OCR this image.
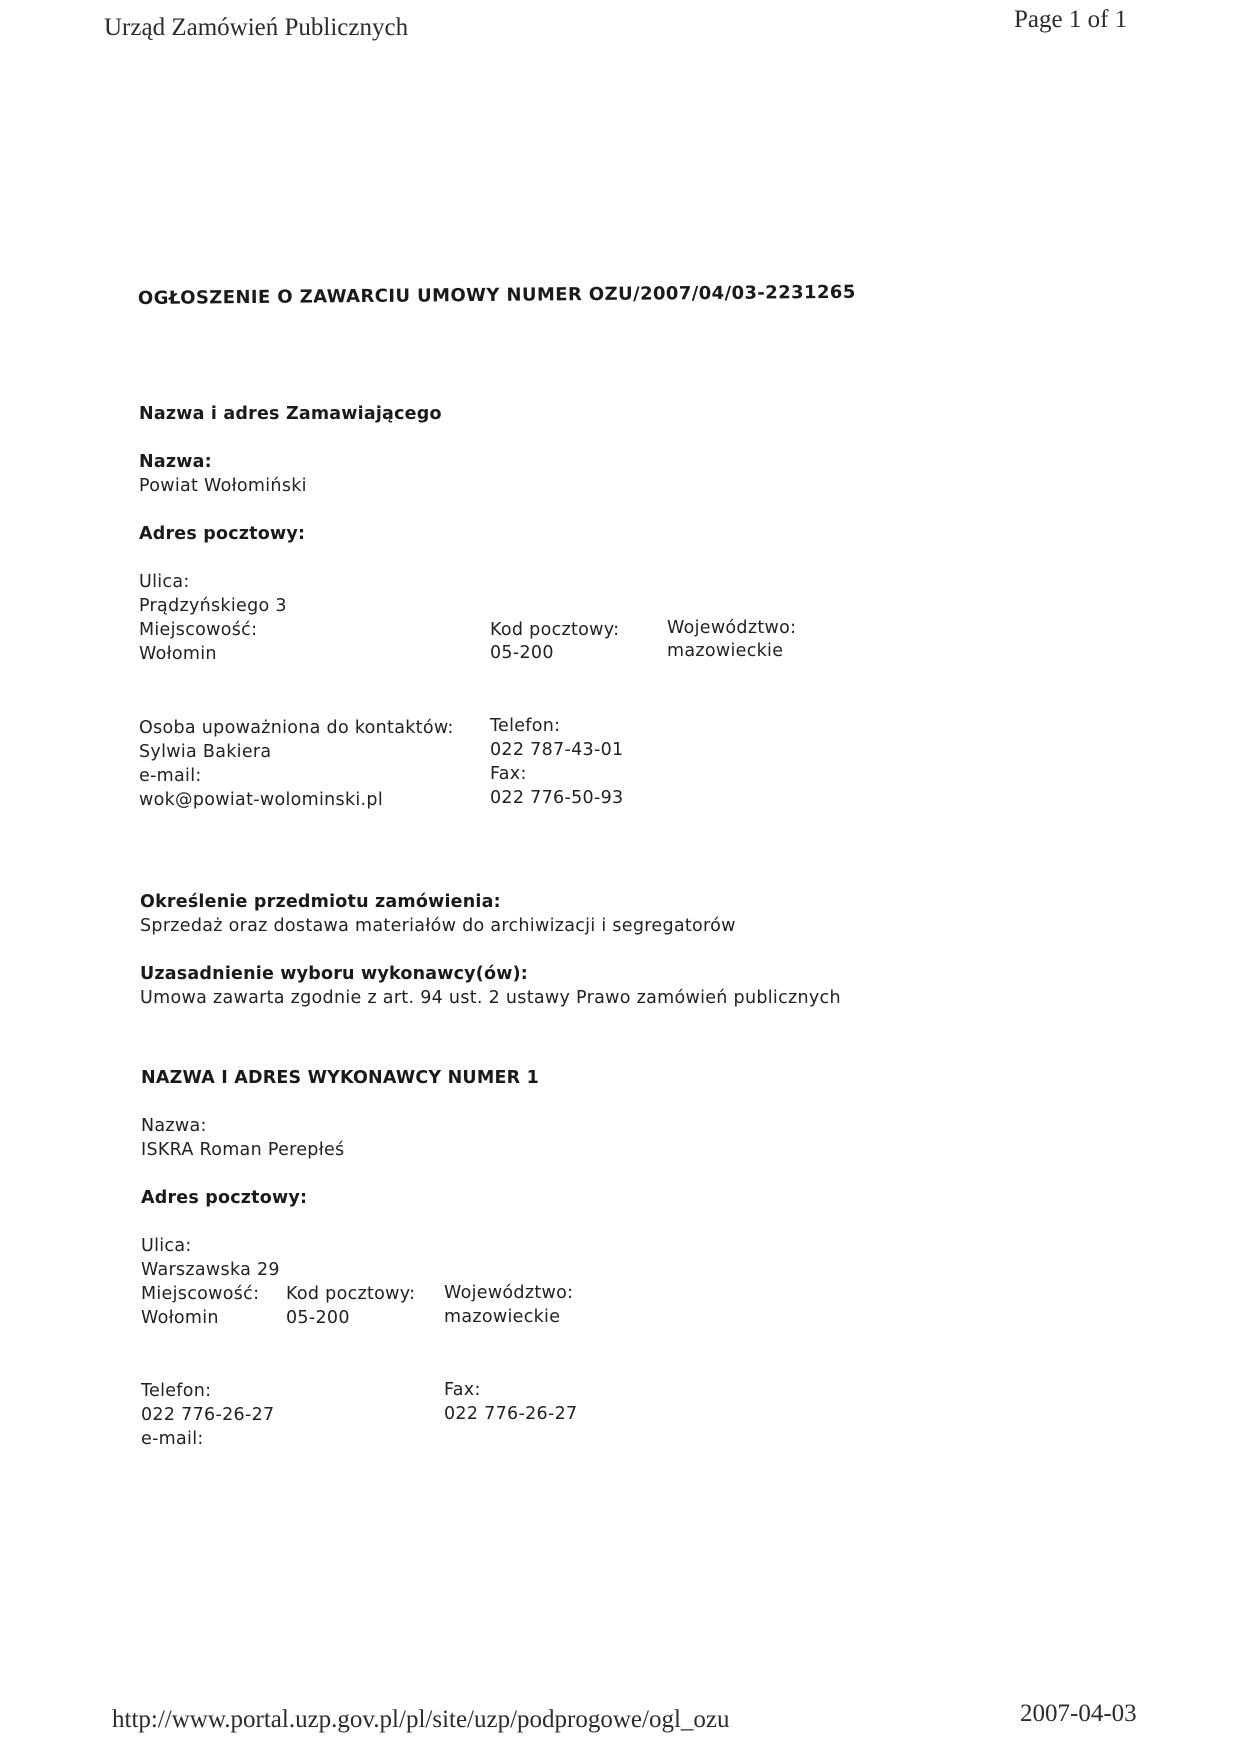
Urząd Zamówień Publicznych	Page 1 of 1
OGŁOSZENIE O ZAWARCIU UMOWY NUMER OZU/2007/04/03-2231265
Nazwa i adres Zamawiającego
Nazwa:
Powiat Wołomiński
Adres pocztowy:
Ulica:
Prądzyńskiego 3
Miejscowość:
Wołomin
Kod pocztowy:
05-200
Województwo:
mazowieckie
Osoba upoważniona do kontaktów:
Sylwia Bakiera
e-mail:
wok@powiat-wolominski.pl
Telefon:
022 787-43-01
Fax:
022 776-50-93
Określenie przedmiotu zamówienia:
Sprzedaż oraz dostawa materiałów do archiwizacji i segregatorów
Uzasadnienie wyboru wykonawcy(ów):
Umowa zawarta zgodnie z art. 94 ust. 2 ustawy Prawo zamówień publicznych
NAZWA I ADRES WYKONAWCY NUMER 1
Nazwa:
ISKRA Roman Perepłeś
Adres pocztowy:
Ulica:
Warszawska 29
Miejscowość:
Wołomin
Kod pocztowy:
05-200
Województwo:
mazowieckie
Telefon:
022 776-26-27
e-mail:
Fax:
022 776-26-27
http://www.portal.uzp.gov.pl/pl/site/uzp/podprogowe/ogl_ozu	2007-04-03
